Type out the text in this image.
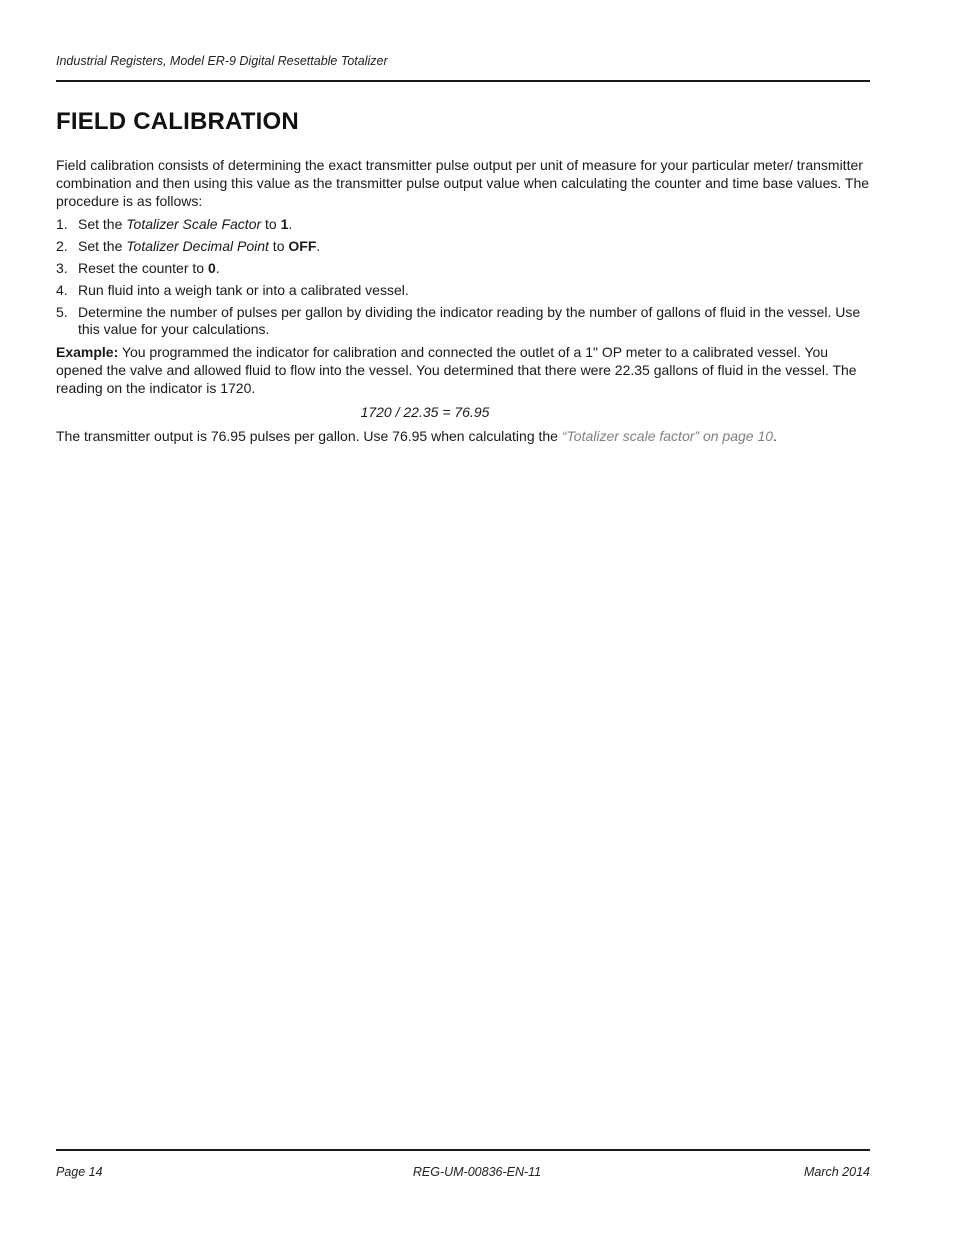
Industrial Registers, Model ER-9 Digital Resettable Totalizer
FIELD CALIBRATION

Field calibration consists of determining the exact transmitter pulse output per unit of measure for your particular meter/ transmitter combination and then using this value as the transmitter pulse output value when calculating the counter and time base values. The procedure is as follows:

1. Set the Totalizer Scale Factor to 1.
2. Set the Totalizer Decimal Point to OFF.
3. Reset the counter to 0.
4. Run fluid into a weigh tank or into a calibrated vessel.
5. Determine the number of pulses per gallon by dividing the indicator reading by the number of gallons of fluid in the vessel. Use this value for your calculations.

Example: You programmed the indicator for calibration and connected the outlet of a 1" OP meter to a calibrated vessel. You opened the valve and allowed fluid to flow into the vessel. You determined that there were 22.35 gallons of fluid in the vessel. The reading on the indicator is 1720.

1720 / 22.35 = 76.95

The transmitter output is 76.95 pulses per gallon. Use 76.95 when calculating the “Totalizer scale factor” on page 10.

Page 14	REG-UM-00836-EN-11	March 2014
